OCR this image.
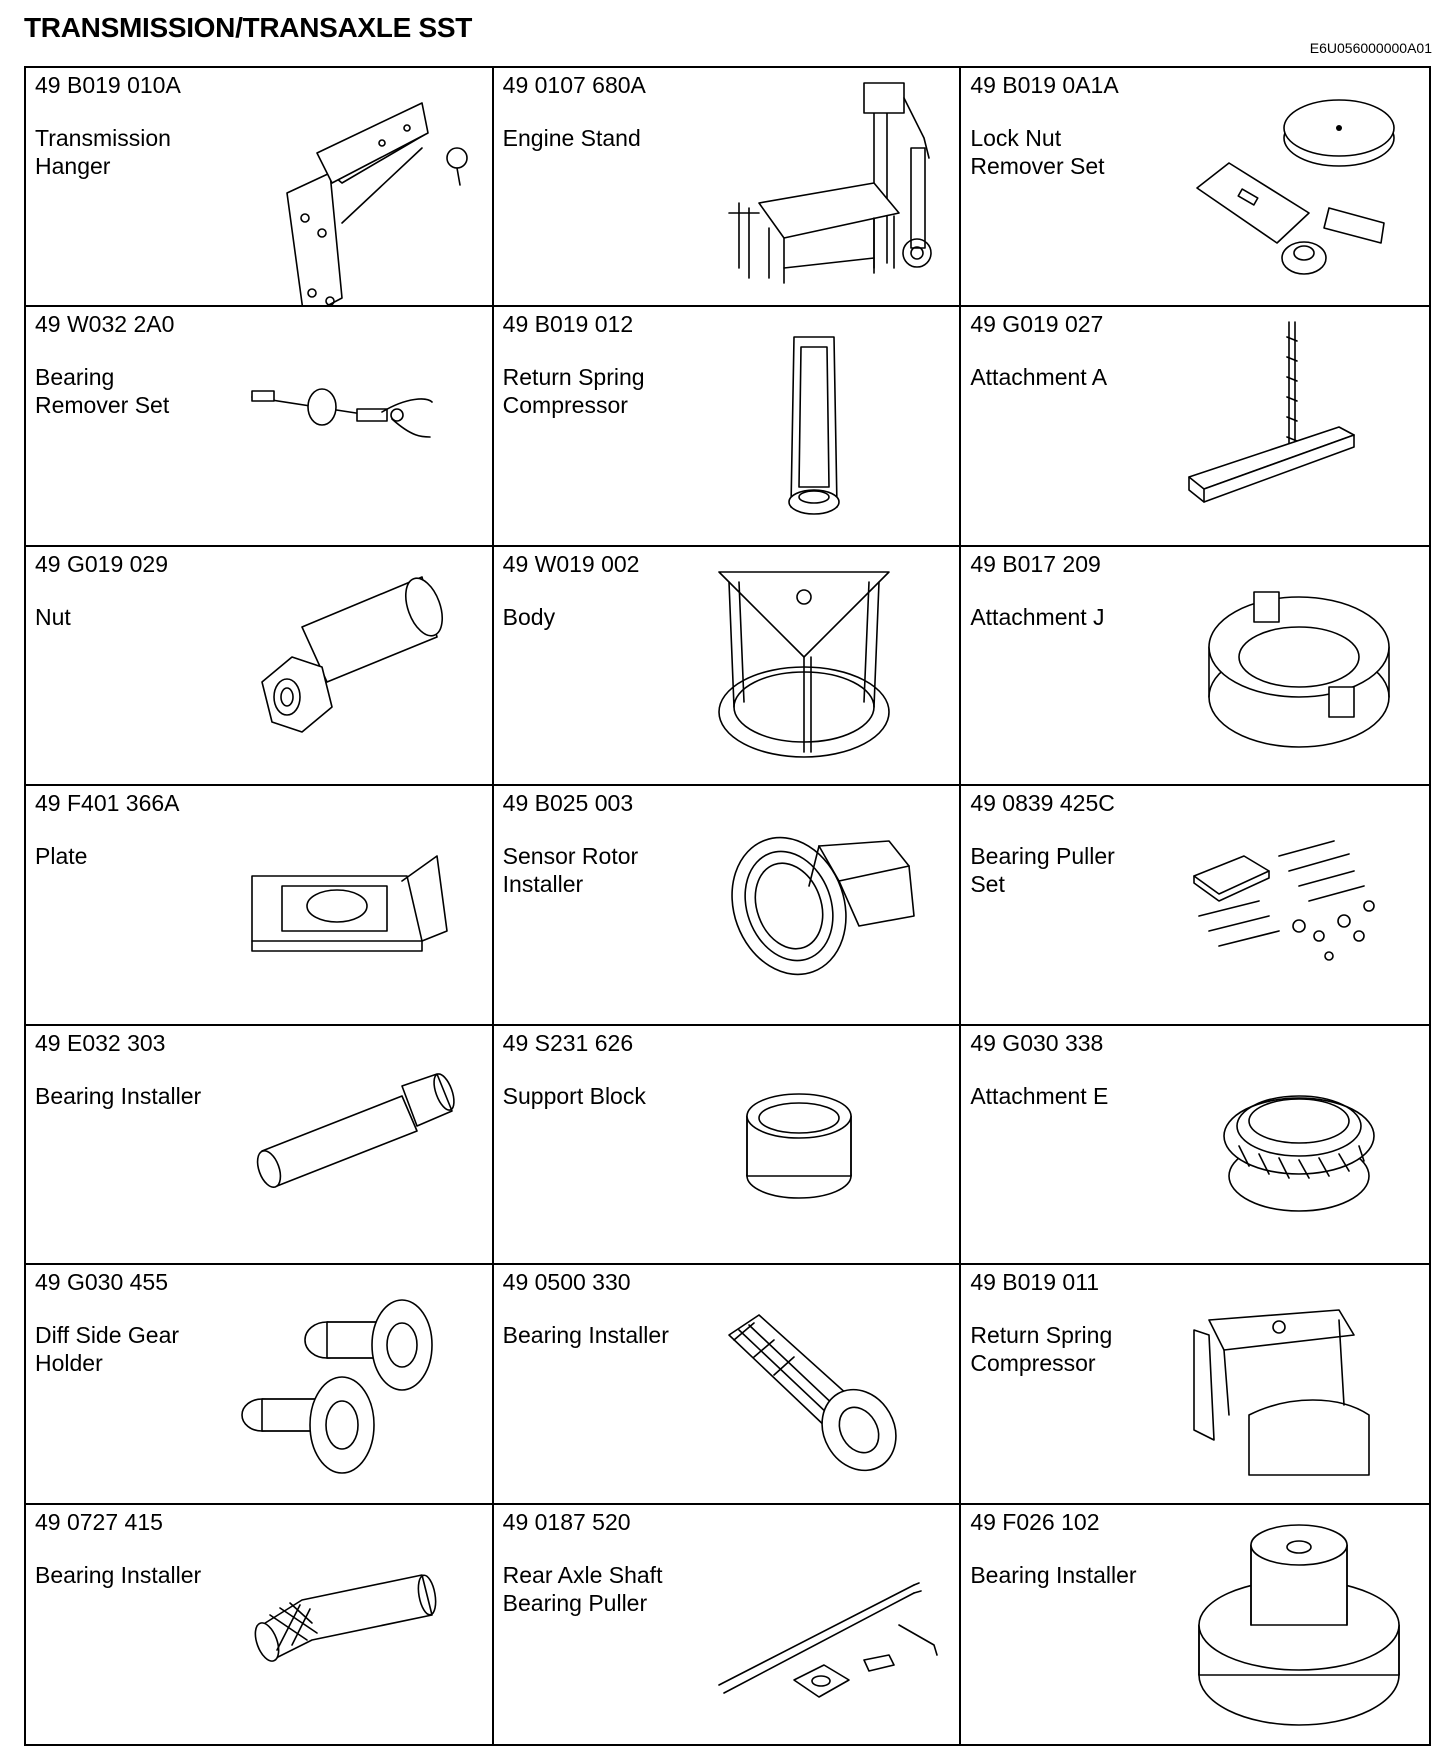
TRANSMISSION/TRANSAXLE SST
E6U056000000A01
49 B019 010A
Transmission
Hanger
49 0107 680A
Engine Stand
49 B019 0A1A
Lock Nut
Remover Set
49 W032 2A0
Bearing
Remover Set
49 B019 012
Return Spring
Compressor
49 G019 027
Attachment A
49 G019 029
Nut
49 W019 002
Body
49 B017 209
Attachment J
49 F401 366A
Plate
49 B025 003
Sensor Rotor
Installer
49 0839 425C
Bearing Puller
Set
49 E032 303
Bearing Installer
49 S231 626
Support Block
49 G030 338
Attachment E
49 G030 455
Diff Side Gear
Holder
49 0500 330
Bearing Installer
49 B019 011
Return Spring
Compressor
49 0727 415
Bearing Installer
49 0187 520
Rear Axle Shaft
Bearing Puller
49 F026 102
Bearing Installer
